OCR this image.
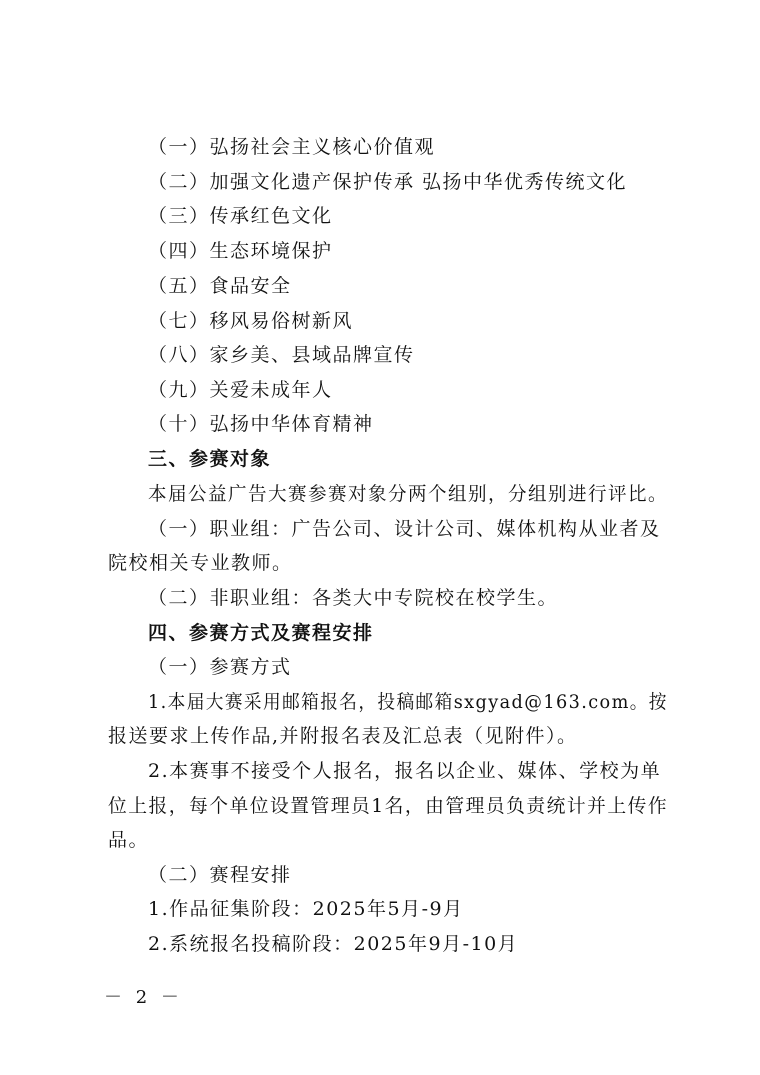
（一）弘扬社会主义核心价值观
（二）加强文化遗产保护传承 弘扬中华优秀传统文化
（三）传承红色文化
（四）生态环境保护
（五）食品安全
（七）移风易俗树新风
（八）家乡美、县域品牌宣传
（九）关爱未成年人
（十）弘扬中华体育精神
三、参赛对象
本届公益广告大赛参赛对象分两个组别，分组别进行评比。
（一）职业组：广告公司、设计公司、媒体机构从业者及
院校相关专业教师。
（二）非职业组：各类大中专院校在校学生。
四、参赛方式及赛程安排
（一）参赛方式
1.本届大赛采用邮箱报名，投稿邮箱sxgyad@163.com。按
报送要求上传作品,并附报名表及汇总表（见附件）。
2.本赛事不接受个人报名，报名以企业、媒体、学校为单
位上报，每个单位设置管理员1名，由管理员负责统计并上传作
品。
（二）赛程安排
1.作品征集阶段：2025年5月-9月
2.系统报名投稿阶段：2025年9月-10月
－ 2 －
